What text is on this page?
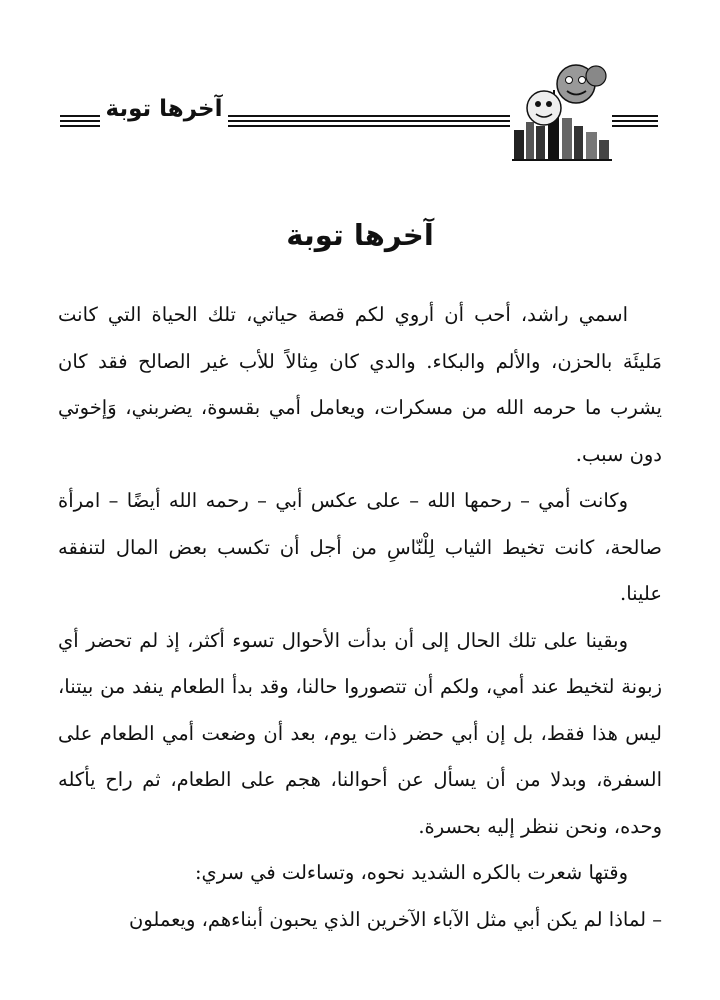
آخرها توبة
آخرها توبة

اسمي راشد، أحب أن أروي لكم قصة حياتي، تلك الحياة التي كانت مَليئَة بالحزن، والألم والبكاء. والدي كان مِثالاً للأب غير الصالح فقد كان يشرب ما حرمه الله من مسكرات، ويعامل أمي بقسوة، يضربني، وَإخوتي دون سبب.

وكانت أمي – رحمها الله – على عكس أبي – رحمه الله أيضًا – امرأة صالحة، كانت تخيط الثياب لِلْنّاسِ من أجل أن تكسب بعض المال لتنفقه علينا.

وبقينا على تلك الحال إلى أن بدأت الأحوال تسوء أكثر، إذ لم تحضر أي زبونة لتخيط عند أمي، ولكم أن تتصوروا حالنا، وقد بدأ الطعام ينفد من بيتنا، ليس هذا فقط، بل إن أبي حضر ذات يوم، بعد أن وضعت أمي الطعام على السفرة، وبدلا من أن يسأل عن أحوالنا، هجم على الطعام، ثم راح يأكله وحده، ونحن ننظر إليه بحسرة.

وقتها شعرت بالكره الشديد نحوه، وتساءلت في سري:

– لماذا لم يكن أبي مثل الآباء الآخرين الذي يحبون أبناءهم، ويعملون
